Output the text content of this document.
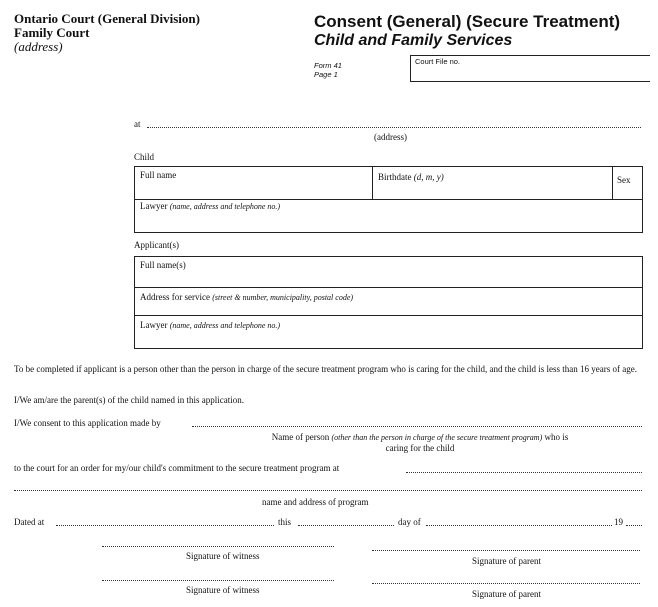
Ontario Court (General Division)
Family Court
(address)
Consent (General) (Secure Treatment)
Child and Family Services
Form 41
Page 1
Court File no.
at
(address)
Child
Full name	Birthdate (d, m, y)	Sex
Lawyer (name, address and telephone no.)
Applicant(s)
Full name(s)
Address for service (street & number, municipality, postal code)
Lawyer (name, address and telephone no.)
To be completed if applicant is a person other than the person in charge of the secure treatment program who is caring for the child, and the child is less than 16 years of age.
I/We am/are the parent(s) of the child named in this application.
I/We consent to this application made by
Name of person (other than the person in charge of the secure treatment program) who is caring for the child
to the court for an order for my/our child's commitment to the secure treatment program at
name and address of program
Dated at	this	day of	19
Signature of witness	Signature of parent
Signature of witness	Signature of parent
